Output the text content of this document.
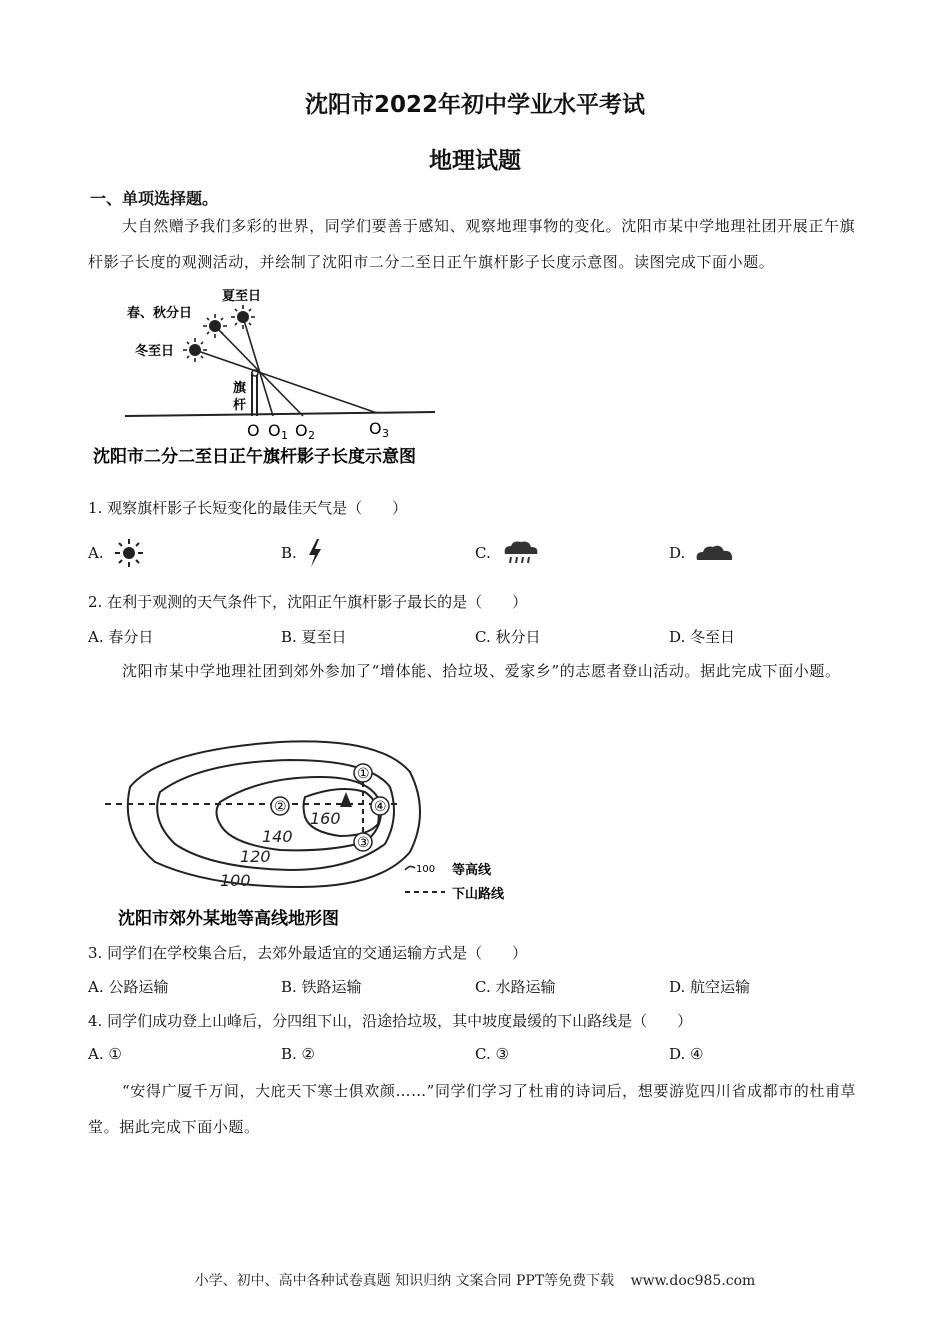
沈阳市2022年初中学业水平考试
地理试题
一、单项选择题。
大自然赠予我们多彩的世界，同学们要善于感知、观察地理事物的变化。沈阳市某中学地理社团开展正午旗杆影子长度的观测活动，并绘制了沈阳市二分二至日正午旗杆影子长度示意图。读图完成下面小题。
夏至日
春、秋分日
冬至日
旗
杆
O O 1 O 2	O 3
沈阳市二分二至日正午旗杆影子长度示意图
1. 观察旗杆影子长短变化的最佳天气是（　　）
A.	B.	C.	D.
2. 在利于观测的天气条件下，沈阳正午旗杆影子最长的是（　　）
A. 春分日	B. 夏至日	C. 秋分日	D. 冬至日
沈阳市某中学地理社团到郊外参加了“增体能、拾垃圾、爱家乡”的志愿者登山活动。据此完成下面小题。
①
②
③
④
160
140
120
100
100 等高线
下山路线
沈阳市郊外某地等高线地形图
3. 同学们在学校集合后，去郊外最适宜的交通运输方式是（　　）
A. 公路运输	B. 铁路运输	C. 水路运输	D. 航空运输
4. 同学们成功登上山峰后，分四组下山，沿途拾垃圾，其中坡度最缓的下山路线是（　　）
A. ①	B. ②	C. ③	D. ④
“安得广厦千万间，大庇天下寒士俱欢颜……”同学们学习了杜甫的诗词后，想要游览四川省成都市的杜甫草堂。据此完成下面小题。
小学、初中、高中各种试卷真题 知识归纳 文案合同 PPT等免费下载 www.doc985.com
